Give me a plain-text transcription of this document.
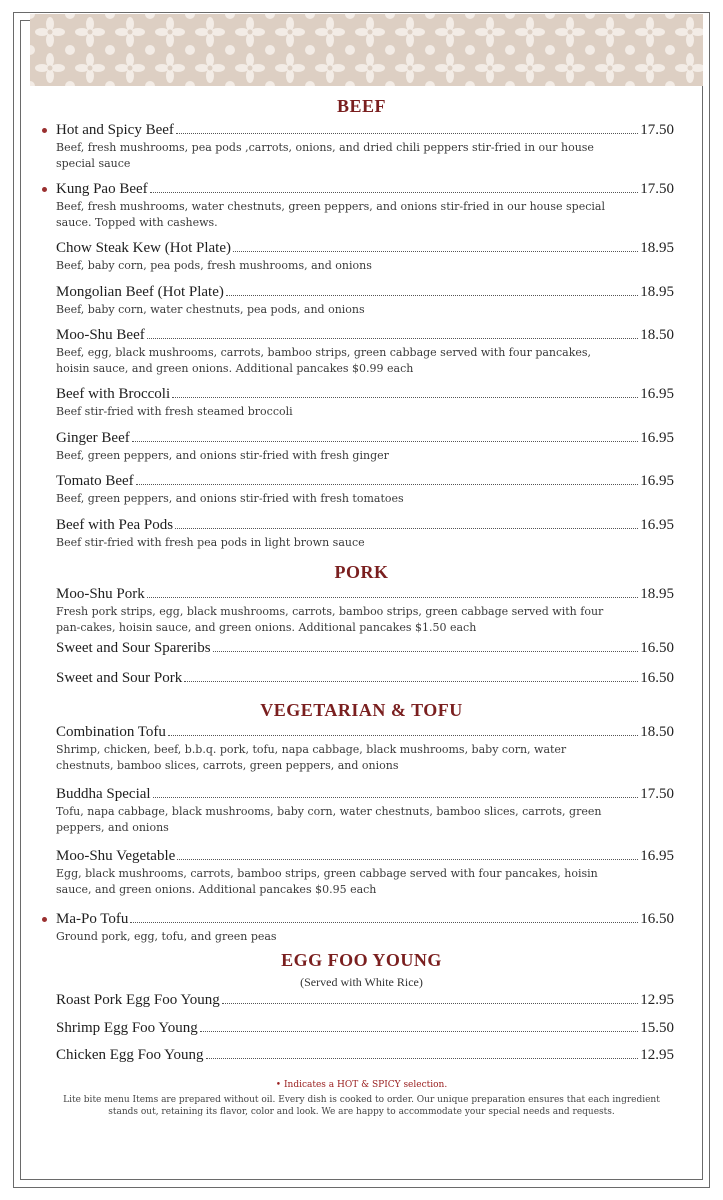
BEEF
Hot and Spicy Beef	17.50
Beef, fresh mushrooms, pea pods ,carrots, onions, and dried chili peppers stir-fried in our house special sauce
Kung Pao Beef	17.50
Beef, fresh mushrooms, water chestnuts, green peppers, and onions stir-fried in our house special sauce. Topped with cashews.
Chow Steak Kew (Hot Plate)	18.95
Beef, baby corn, pea pods, fresh mushrooms, and onions
Mongolian Beef (Hot Plate)	18.95
Beef, baby corn, water chestnuts, pea pods, and onions
Moo-Shu Beef	18.50
Beef, egg, black mushrooms, carrots, bamboo strips, green cabbage served with four pancakes, hoisin sauce, and green onions. Additional pancakes $0.99 each
Beef with Broccoli	16.95
Beef stir-fried with fresh steamed broccoli
Ginger Beef	16.95
Beef, green peppers, and onions stir-fried with fresh ginger
Tomato Beef	16.95
Beef, green peppers, and onions stir-fried with fresh tomatoes
Beef with Pea Pods	16.95
Beef stir-fried with fresh pea pods in light brown sauce
PORK
Moo-Shu Pork	18.95
Fresh pork strips, egg, black mushrooms, carrots, bamboo strips, green cabbage served with four pan-cakes, hoisin sauce, and green onions. Additional pancakes $1.50 each
Sweet and Sour Spareribs	16.50
Sweet and Sour Pork	16.50
VEGETARIAN & TOFU
Combination Tofu	18.50
Shrimp, chicken, beef, b.b.q. pork, tofu, napa cabbage, black mushrooms, baby corn, water chestnuts, bamboo slices, carrots, green peppers, and onions
Buddha Special	17.50
Tofu, napa cabbage, black mushrooms, baby corn, water chestnuts, bamboo slices, carrots, green peppers, and onions
Moo-Shu Vegetable	16.95
Egg, black mushrooms, carrots, bamboo strips, green cabbage served with four pancakes, hoisin sauce, and green onions. Additional pancakes $0.95 each
Ma-Po Tofu	16.50
Ground pork, egg, tofu, and green peas
EGG FOO YOUNG
(Served with White Rice)
Roast Pork Egg Foo Young	12.95
Shrimp Egg Foo Young	15.50
Chicken Egg Foo Young	12.95
• Indicates a HOT & SPICY selection.
Lite bite menu Items are prepared without oil. Every dish is cooked to order. Our unique preparation ensures that each ingredient stands out, retaining its flavor, color and look. We are happy to accommodate your special needs and requests.
